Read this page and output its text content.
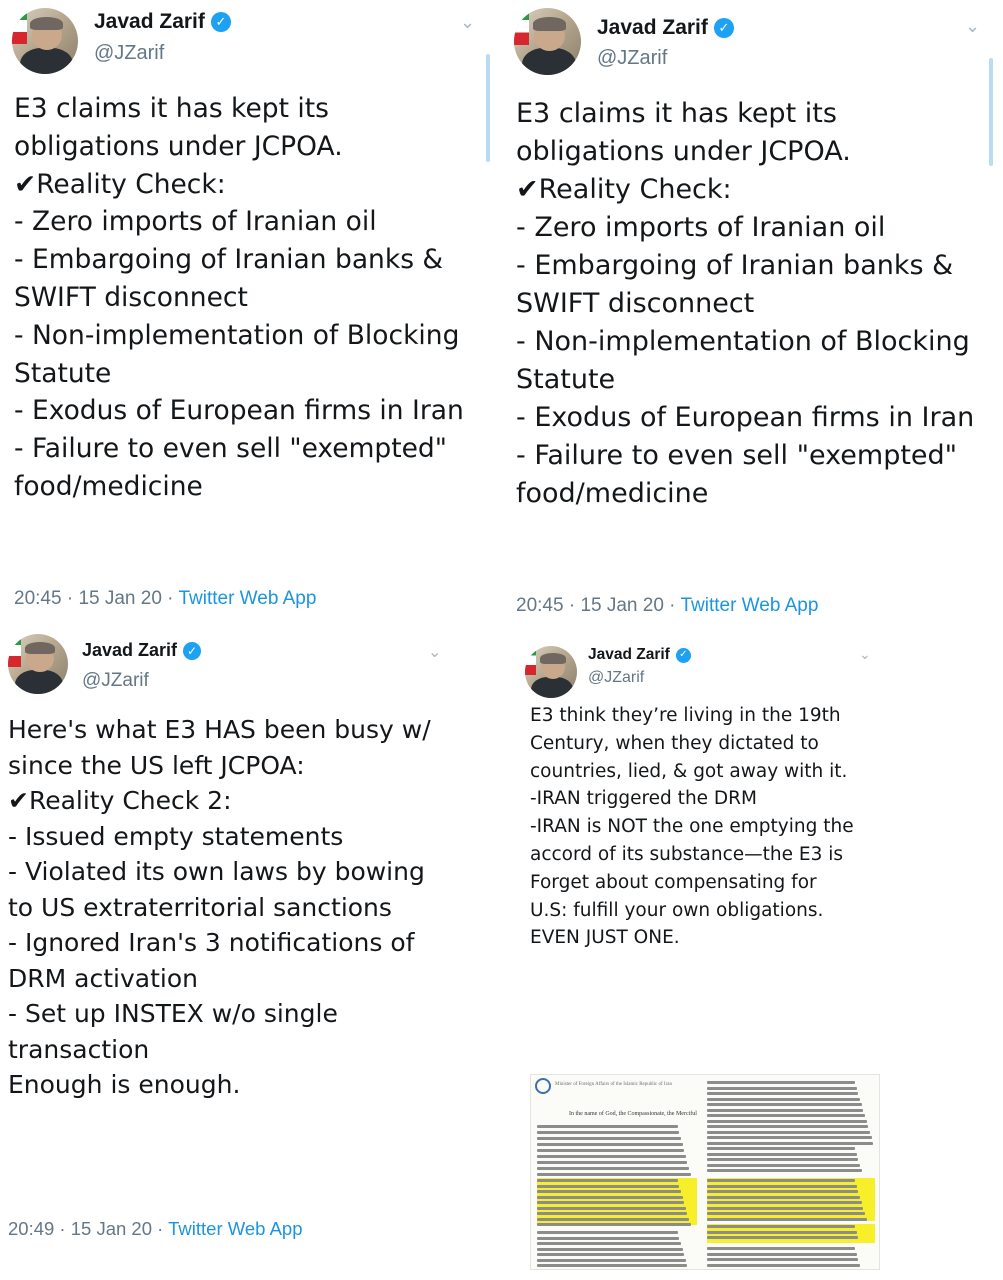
Javad Zarif ✓
@JZarif
⌄
E3 claims it has kept its
obligations under JCPOA.
✔Reality Check:
- Zero imports of Iranian oil
- Embargoing of Iranian banks &
SWIFT disconnect
- Non-implementation of Blocking
Statute
- Exodus of European firms in Iran
- Failure to even sell "exempted"
food/medicine
20:45 · 15 Jan 20 · Twitter Web App
Javad Zarif ✓
@JZarif
⌄
E3 claims it has kept its
obligations under JCPOA.
✔Reality Check:
- Zero imports of Iranian oil
- Embargoing of Iranian banks &
SWIFT disconnect
- Non-implementation of Blocking
Statute
- Exodus of European firms in Iran
- Failure to even sell "exempted"
food/medicine
20:45 · 15 Jan 20 · Twitter Web App
Javad Zarif ✓
@JZarif
⌄
Here's what E3 HAS been busy w/
since the US left JCPOA:
✔Reality Check 2:
- Issued empty statements
- Violated its own laws by bowing
to US extraterritorial sanctions
- Ignored Iran's 3 notifications of
DRM activation
- Set up INSTEX w/o single
transaction
Enough is enough.
20:49 · 15 Jan 20 · Twitter Web App
Javad Zarif ✓
@JZarif
⌄
E3 think they’re living in the 19th
Century, when they dictated to
countries, lied, & got away with it.
-IRAN triggered the DRM
-IRAN is NOT the one emptying the
accord of its substance—the E3 is
Forget about compensating for
U.S: fulfill your own obligations.
EVEN JUST ONE.
Minister of Foreign Affairs of the Islamic Republic of Iran
In the name of God, the Compassionate, the Merciful
